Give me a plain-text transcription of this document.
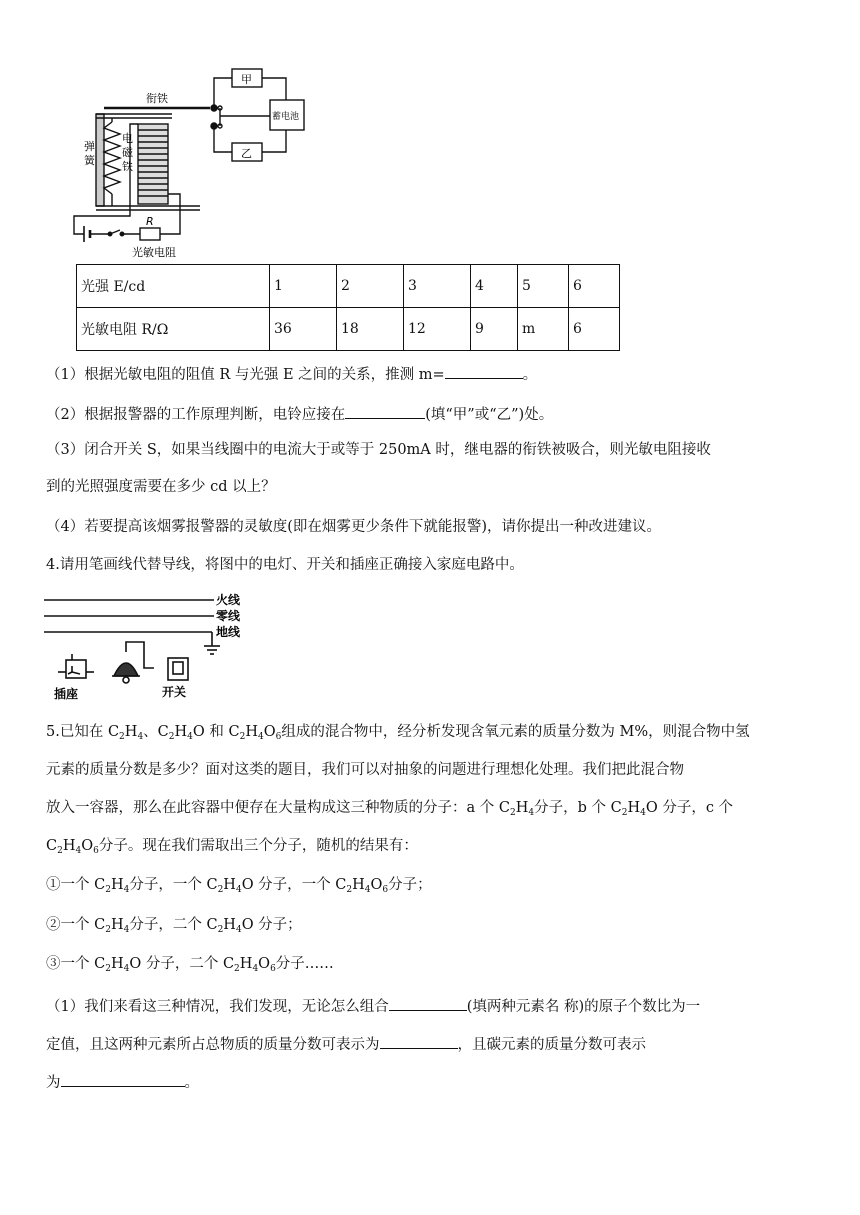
甲
乙
衔铁
蓄电池
弹簧
电磁铁
R
光敏电阻
光强 E/cd	1	2	3	4	5	6
光敏电阻 R/Ω	36	18	12	9	m	6
（1）根据光敏电阻的阻值 R 与光强 E 之间的关系，推测 m=	。
（2）根据报警器的工作原理判断，电铃应接在	(填“甲”或“乙”)处。
（3）闭合开关 S，如果当线圈中的电流大于或等于 250mA 时，继电器的衔铁被吸合，则光敏电阻接收
到的光照强度需要在多少 cd 以上？
（4）若要提高该烟雾报警器的灵敏度(即在烟雾更少条件下就能报警)，请你提出一种改进建议。
4.请用笔画线代替导线，将图中的电灯、开关和插座正确接入家庭电路中。
火线
零线
地线
插座	开关
5.已知在 $C_2H_4$、$C_2H_4O$ 和 $C_2H_4O_6$组成的混合物中，经分析发现含氧元素的质量分数为 M%，则混合物中氢
元素的质量分数是多少？面对这类的题目，我们可以对抽象的问题进行理想化处理。我们把此混合物
放入一容器，那么在此容器中便存在大量构成这三种物质的分子：a 个 $C_2H_4$分子，b 个 $C_2H_4O$ 分子，c 个
$C_2H_4O_6$分子。现在我们需取出三个分子，随机的结果有：
①一个 $C_2H_4$分子，一个 $C_2H_4O$ 分子，一个 $C_2H_4O_6$分子；
②一个 $C_2H_4$分子，二个 $C_2H_4O$ 分子；
③一个 $C_2H_4O$ 分子，二个 $C_2H_4O_6$分子……
（1）我们来看这三种情况，我们发现，无论怎么组合	(填两种元素名 称)的原子个数比为一
定值，且这两种元素所占总物质的质量分数可表示为	，且碳元素的质量分数可表示
为	。
